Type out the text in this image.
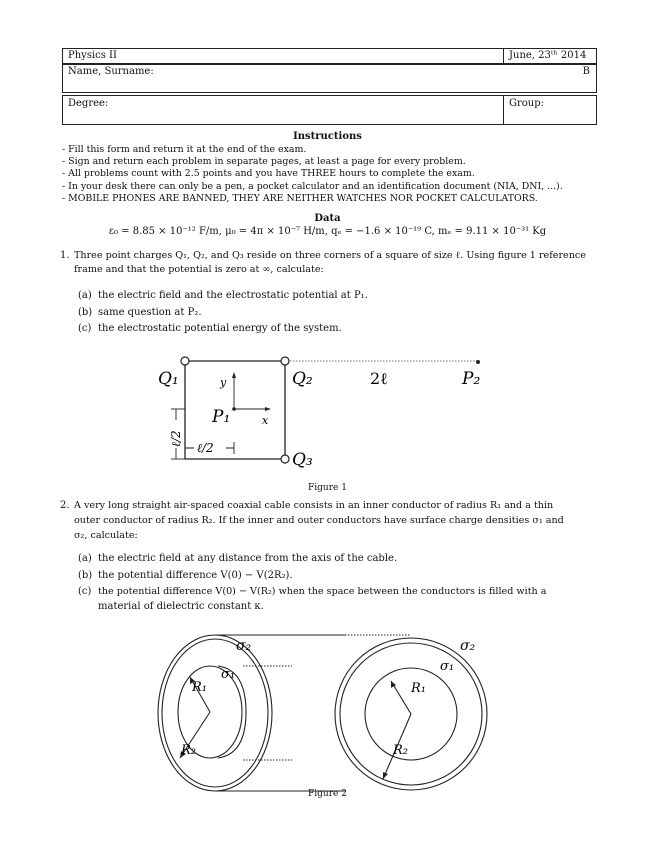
Physics II	June, 23ᵗʰ 2014
Name, Surname:	B
Degree:	Group:
Instructions
- Fill this form and return it at the end of the exam.
- Sign and return each problem in separate pages, at least a page for every problem.
- All problems count with 2.5 points and you have THREE hours to complete the exam.
- In your desk there can only be a pen, a pocket calculator and an identification document (NIA, DNI, ...).
- MOBILE PHONES ARE BANNED, THEY ARE NEITHER WATCHES NOR POCKET CALCULATORS.
Data
ε₀ = 8.85 × 10⁻¹² F/m, μ₀ = 4π × 10⁻⁷ H/m, qₑ = −1.6 × 10⁻¹⁹ C, mₑ = 9.11 × 10⁻³¹ Kg
1. Three point charges Q₁, Q₂, and Q₃ reside on three corners of a square of size ℓ. Using figure 1 reference
frame and that the potential is zero at ∞, calculate:
(a) the electric field and the electrostatic potential at P₁.
(b) same question at P₂.
(c) the electrostatic potential energy of the system.
Q₁	Q₂
Q₃
P₁
P₂
2ℓ
y
x
ℓ/2
ℓ/2
Figure 1
2. A very long straight air-spaced coaxial cable consists in an inner conductor of radius R₁ and a thin
outer conductor of radius R₂. If the inner and outer conductors have surface charge densities σ₁ and
σ₂, calculate:
(a) the electric field at any distance from the axis of the cable.
(b) the potential difference V(0) − V(2R₂).
(c) the potential difference V(0) − V(R₂) when the space between the conductors is filled with a
material of dielectric constant κ.
σ₂
σ₁
R₁
R₂
σ₂
σ₁
R₁
R₂
Figure 2
